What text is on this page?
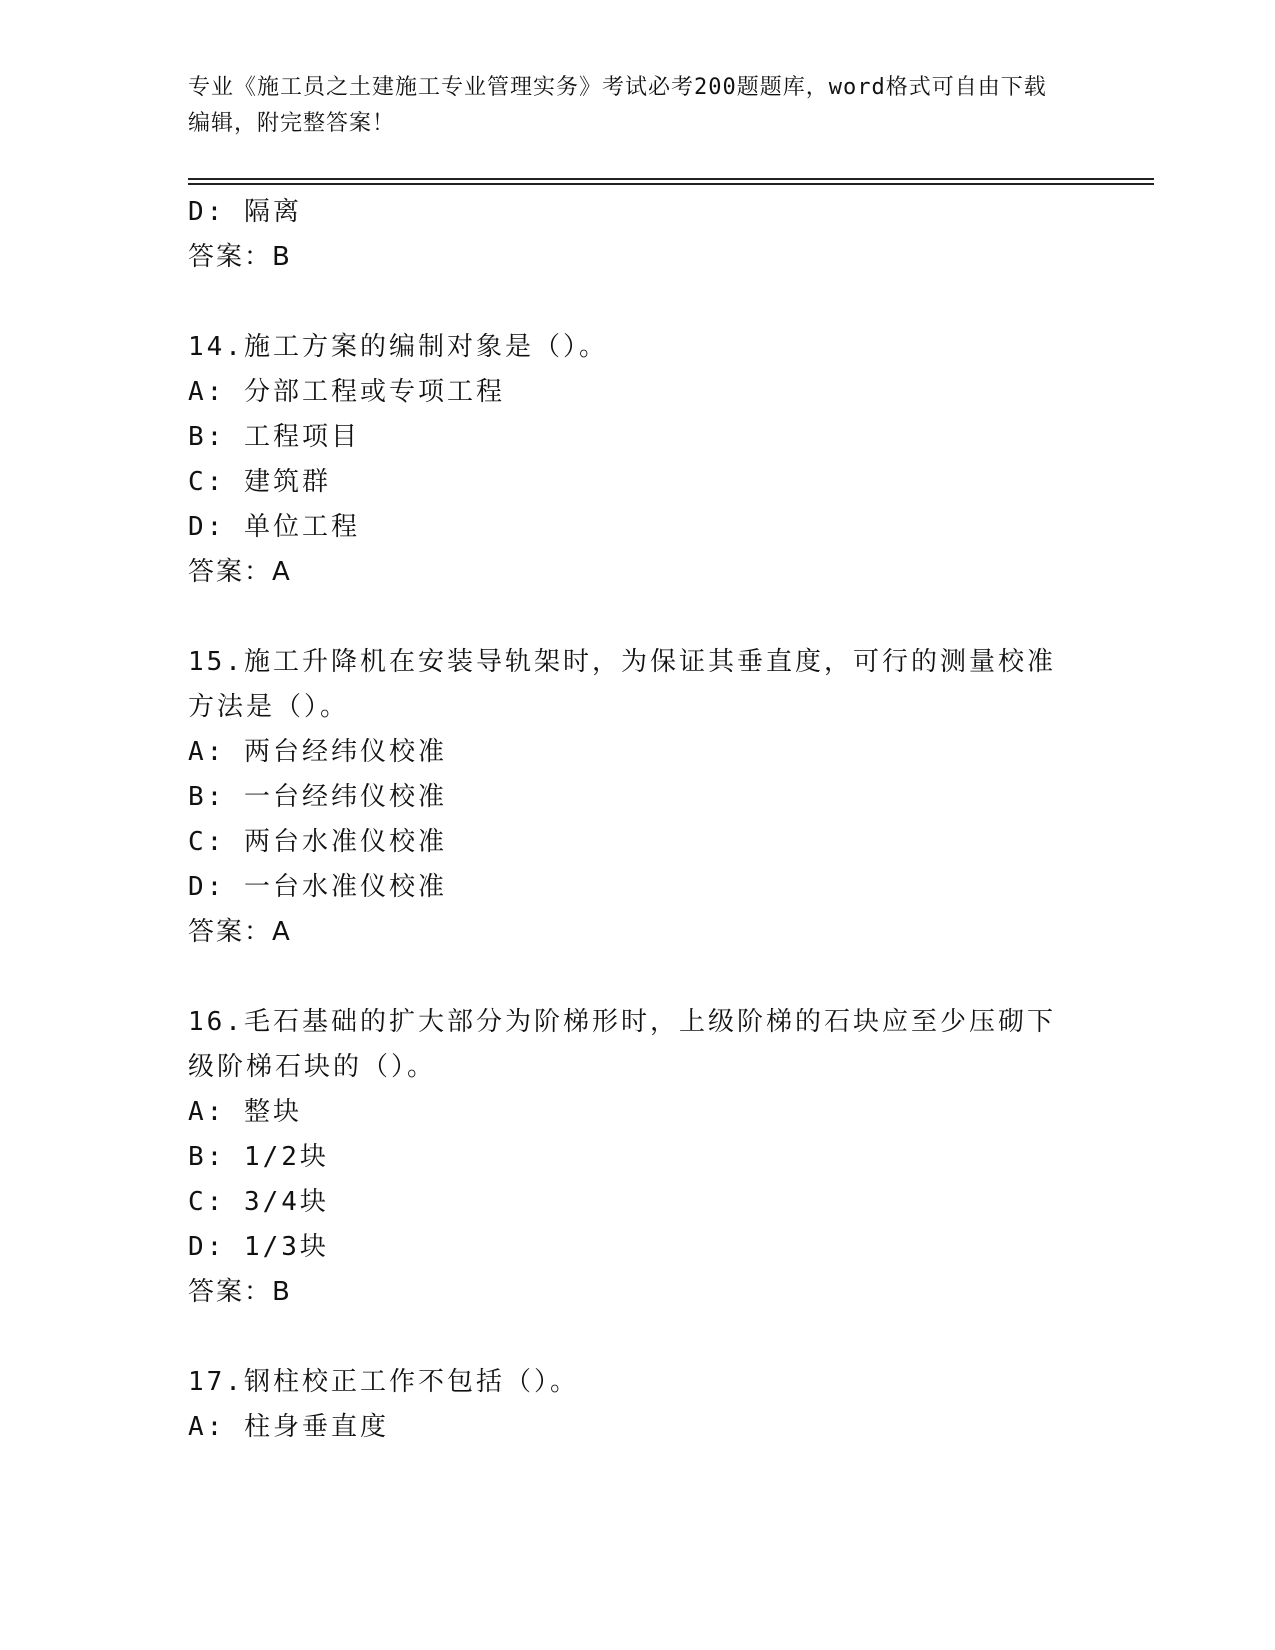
专业《施工员之土建施工专业管理实务》考试必考200题题库，word格式可自由下载编辑，附完整答案！
D: 隔离
答案：B
14.施工方案的编制对象是（）。
A: 分部工程或专项工程
B: 工程项目
C: 建筑群
D: 单位工程
答案：A
15.施工升降机在安装导轨架时，为保证其垂直度，可行的测量校准方法是（）。
A: 两台经纬仪校准
B: 一台经纬仪校准
C: 两台水准仪校准
D: 一台水准仪校准
答案：A
16.毛石基础的扩大部分为阶梯形时，上级阶梯的石块应至少压砌下级阶梯石块的（）。
A: 整块
B: 1/2块
C: 3/4块
D: 1/3块
答案：B
17.钢柱校正工作不包括（）。
A: 柱身垂直度
